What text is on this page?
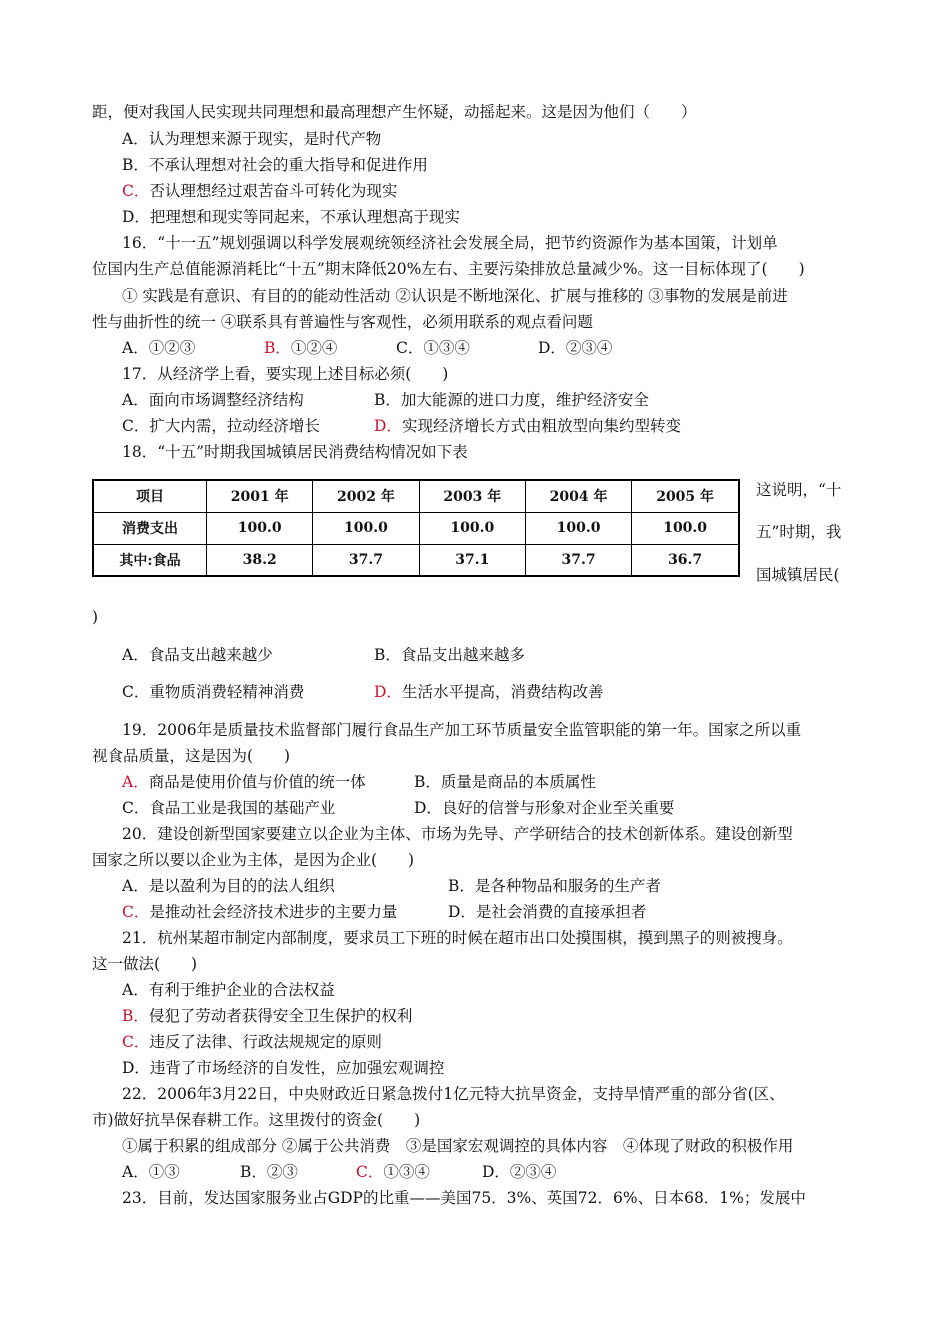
距，便对我国人民实现共同理想和最高理想产生怀疑，动摇起来。这是因为他们（　　）
A．认为理想来源于现实，是时代产物
B．不承认理想对社会的重大指导和促进作用
C．否认理想经过艰苦奋斗可转化为现实
D．把理想和现实等同起来，不承认理想高于现实
16．“十一五”规划强调以科学发展观统领经济社会发展全局，把节约资源作为基本国策，计划单
位国内生产总值能源消耗比“十五”期末降低20%左右、主要污染排放总量减少%。这一目标体现了(　　)
① 实践是有意识、有目的的能动性活动 ②认识是不断地深化、扩展与推移的 ③事物的发展是前进
性与曲折性的统一 ④联系具有普遍性与客观性，必须用联系的观点看问题
A．①②③	B．①②④	C．①③④	D．②③④
17．从经济学上看，要实现上述目标必须(　　)
A．面向市场调整经济结构	B．加大能源的进口力度，维护经济安全
C．扩大内需，拉动经济增长	D．实现经济增长方式由粗放型向集约型转变
18．“十五”时期我国城镇居民消费结构情况如下表
项目	2001 年	2002 年	2003 年	2004 年	2005 年
消费支出	100.0	100.0	100.0	100.0	100.0
其中:食品	38.2	37.7	37.1	37.7	36.7
这说明，“十
五”时期，我
国城镇居民(
)
A．食品支出越来越少	B．食品支出越来越多
C．重物质消费轻精神消费	D．生活水平提高，消费结构改善
19．2006年是质量技术监督部门履行食品生产加工环节质量安全监管职能的第一年。国家之所以重
视食品质量，这是因为(　　)
A．商品是使用价值与价值的统一体	B．质量是商品的本质属性
C．食品工业是我国的基础产业	D．良好的信誉与形象对企业至关重要
20．建设创新型国家要建立以企业为主体、市场为先导、产学研结合的技术创新体系。建设创新型
国家之所以要以企业为主体，是因为企业(　　)
A．是以盈利为目的的法人组织	B．是各种物品和服务的生产者
C．是推动社会经济技术进步的主要力量	D．是社会消费的直接承担者
21．杭州某超市制定内部制度，要求员工下班的时候在超市出口处摸围棋，摸到黑子的则被搜身。
这一做法(　　)
A．有利于维护企业的合法权益
B．侵犯了劳动者获得安全卫生保护的权利
C．违反了法律、行政法规规定的原则
D．违背了市场经济的自发性，应加强宏观调控
22．2006年3月22日，中央财政近日紧急拨付1亿元特大抗旱资金，支持旱情严重的部分省(区、
市)做好抗旱保春耕工作。这里拨付的资金(　　)
①属于积累的组成部分 ②属于公共消费　③是国家宏观调控的具体内容　④体现了财政的积极作用
A．①③	B．②③	C．①③④	D．②③④
23．目前，发达国家服务业占GDP的比重——美国75．3%、英国72．6%、日本68．1%；发展中
